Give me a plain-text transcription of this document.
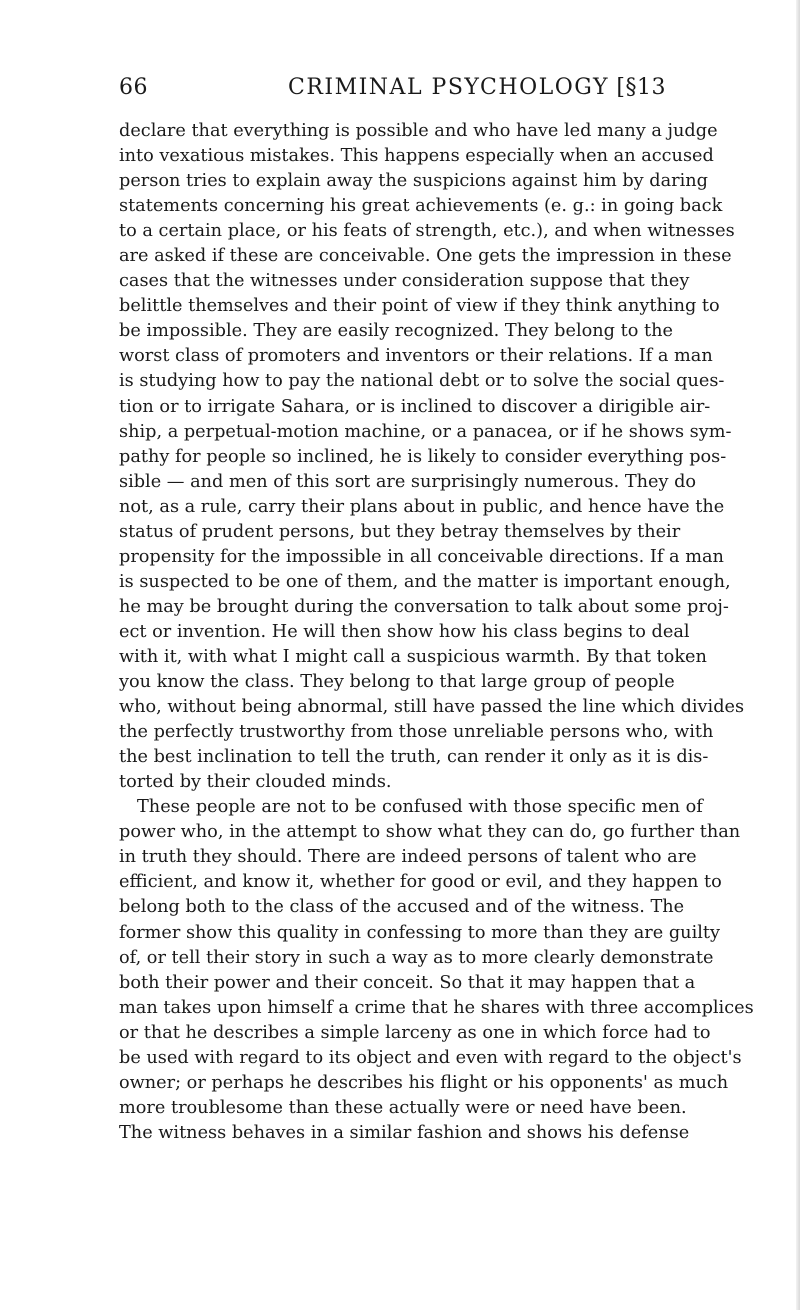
66	CRIMINAL PSYCHOLOGY [§13
declare that everything is possible and who have led many a judge
into vexatious mistakes. This happens especially when an accused
person tries to explain away the suspicions against him by daring
statements concerning his great achievements (e. g.: in going back
to a certain place, or his feats of strength, etc.), and when witnesses
are asked if these are conceivable. One gets the impression in these
cases that the witnesses under consideration suppose that they
belittle themselves and their point of view if they think anything to
be impossible. They are easily recognized. They belong to the
worst class of promoters and inventors or their relations. If a man
is studying how to pay the national debt or to solve the social ques-
tion or to irrigate Sahara, or is inclined to discover a dirigible air-
ship, a perpetual-motion machine, or a panacea, or if he shows sym-
pathy for people so inclined, he is likely to consider everything pos-
sible — and men of this sort are surprisingly numerous. They do
not, as a rule, carry their plans about in public, and hence have the
status of prudent persons, but they betray themselves by their
propensity for the impossible in all conceivable directions. If a man
is suspected to be one of them, and the matter is important enough,
he may be brought during the conversation to talk about some proj-
ect or invention. He will then show how his class begins to deal
with it, with what I might call a suspicious warmth. By that token
you know the class. They belong to that large group of people
who, without being abnormal, still have passed the line which divides
the perfectly trustworthy from those unreliable persons who, with
the best inclination to tell the truth, can render it only as it is dis-
torted by their clouded minds.
These people are not to be confused with those specific men of
power who, in the attempt to show what they can do, go further than
in truth they should. There are indeed persons of talent who are
efficient, and know it, whether for good or evil, and they happen to
belong both to the class of the accused and of the witness. The
former show this quality in confessing to more than they are guilty
of, or tell their story in such a way as to more clearly demonstrate
both their power and their conceit. So that it may happen that a
man takes upon himself a crime that he shares with three accomplices
or that he describes a simple larceny as one in which force had to
be used with regard to its object and even with regard to the object's
owner; or perhaps he describes his flight or his opponents' as much
more troublesome than these actually were or need have been.
The witness behaves in a similar fashion and shows his defense
